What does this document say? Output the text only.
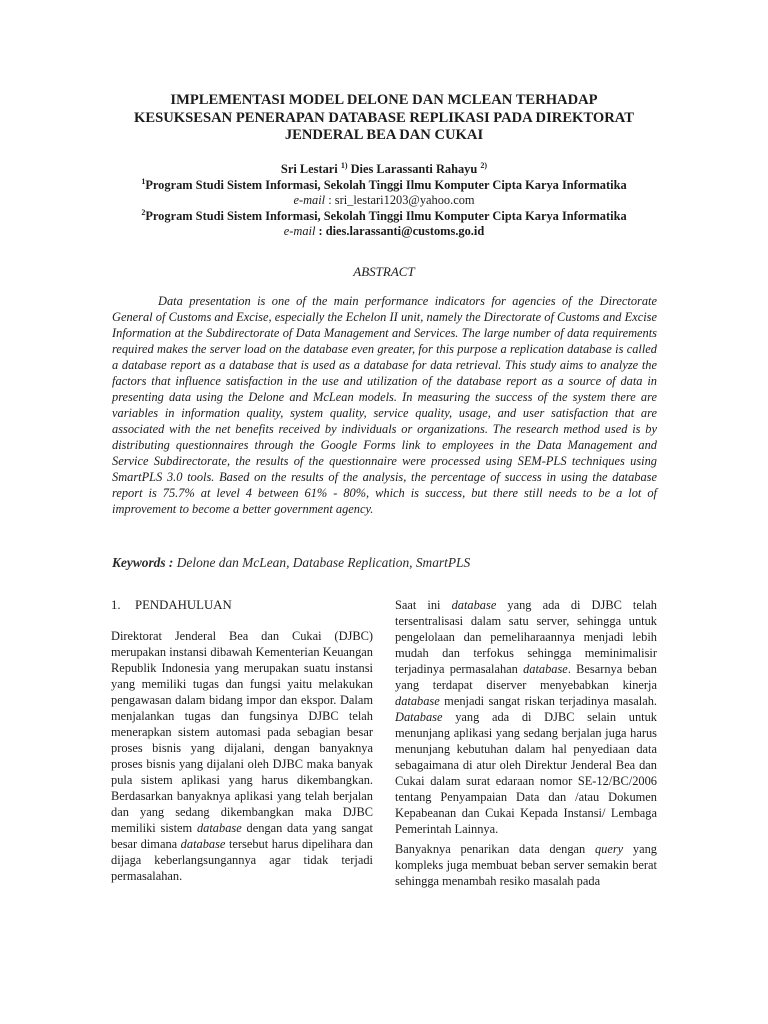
IMPLEMENTASI MODEL DELONE DAN MCLEAN TERHADAP
KESUKSESAN PENERAPAN DATABASE REPLIKASI PADA DIREKTORAT
JENDERAL BEA DAN CUKAI
Sri Lestari $^{1)}$ Dies Larassanti Rahayu $^{2)}$
$^1$Program Studi Sistem Informasi, Sekolah Tinggi Ilmu Komputer Cipta Karya Informatika
e-mail : sri_lestari1203@yahoo.com
$^2$Program Studi Sistem Informasi, Sekolah Tinggi Ilmu Komputer Cipta Karya Informatika
e-mail : dies.larassanti@customs.go.id
ABSTRACT

Data presentation is one of the main performance indicators for agencies of the Directorate General of Customs and Excise, especially the Echelon II unit, namely the Directorate of Customs and Excise Information at the Subdirectorate of Data Management and Services. The large number of data requirements required makes the server load on the database even greater, for this purpose a replication database is called a database report as a database that is used as a database for data retrieval. This study aims to analyze the factors that influence satisfaction in the use and utilization of the database report as a source of data in presenting data using the Delone and McLean models. In measuring the success of the system there are variables in information quality, system quality, service quality, usage, and user satisfaction that are associated with the net benefits received by individuals or organizations. The research method used is by distributing questionnaires through the Google Forms link to employees in the Data Management and Service Subdirectorate, the results of the questionnaire were processed using SEM-PLS techniques using SmartPLS 3.0 tools. Based on the results of the analysis, the percentage of success in using the database report is 75.7% at level 4 between 61% - 80%, which is success, but there still needs to be a lot of improvement to become a better government agency.

Keywords : Delone dan McLean, Database Replication, SmartPLS

1. PENDAHULUAN

Direktorat Jenderal Bea dan Cukai (DJBC) merupakan instansi dibawah Kementerian Keuangan Republik Indonesia yang merupakan suatu instansi yang memiliki tugas dan fungsi yaitu melakukan pengawasan dalam bidang impor dan ekspor. Dalam menjalankan tugas dan fungsinya DJBC telah menerapkan sistem automasi pada sebagian besar proses bisnis yang dijalani, dengan banyaknya proses bisnis yang dijalani oleh DJBC maka banyak pula sistem aplikasi yang harus dikembangkan. Berdasarkan banyaknya aplikasi yang telah berjalan dan yang sedang dikembangkan maka DJBC memiliki sistem database dengan data yang sangat besar dimana database tersebut harus dipelihara dan dijaga keberlangsungannya agar tidak terjadi permasalahan.

Saat ini database yang ada di DJBC telah tersentralisasi dalam satu server, sehingga untuk pengelolaan dan pemeliharaannya menjadi lebih mudah dan terfokus sehingga meminimalisir terjadinya permasalahan database. Besarnya beban yang terdapat diserver menyebabkan kinerja database menjadi sangat riskan terjadinya masalah. Database yang ada di DJBC selain untuk menunjang aplikasi yang sedang berjalan juga harus menunjang kebutuhan dalam hal penyediaan data sebagaimana di atur oleh Direktur Jenderal Bea dan Cukai dalam surat edaraan nomor SE-12/BC/2006 tentang Penyampaian Data dan /atau Dokumen Kepabeanan dan Cukai Kepada Instansi/ Lembaga Pemerintah Lainnya.

Banyaknya penarikan data dengan query yang kompleks juga membuat beban server semakin berat sehingga menambah resiko masalah pada
